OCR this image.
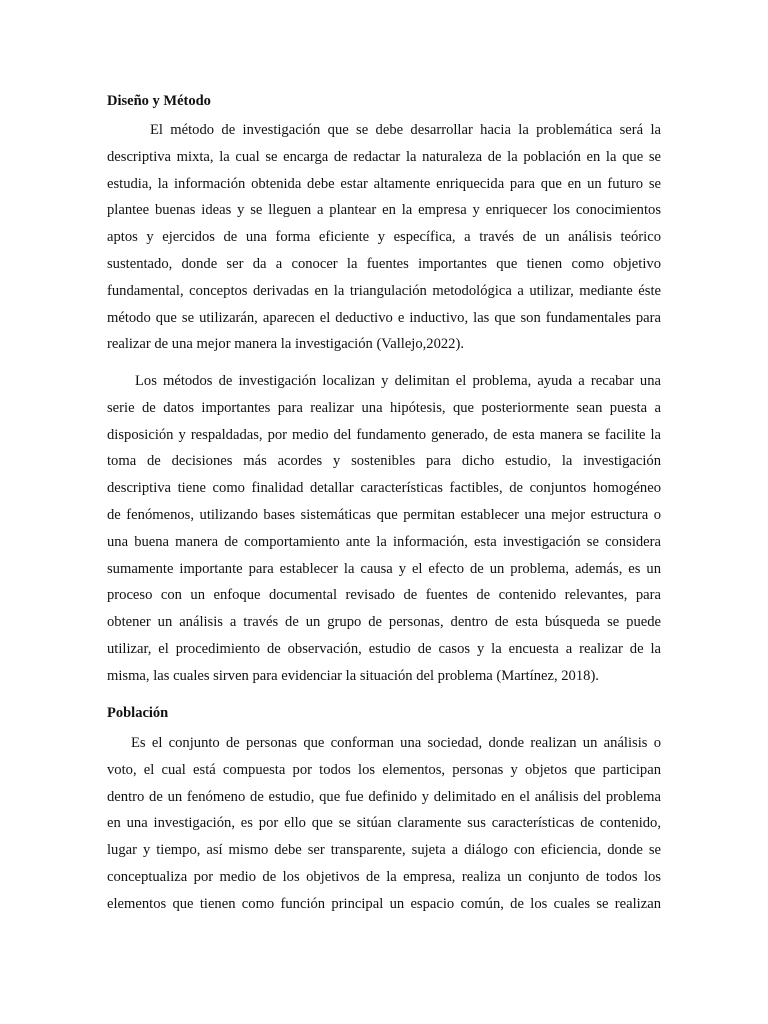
Diseño y Método
El método de investigación que se debe desarrollar hacia la problemática será la
descriptiva mixta, la cual se encarga de redactar la naturaleza de la población en la que se
estudia, la información obtenida debe estar altamente enriquecida para que en un futuro se
plantee buenas ideas y se lleguen a plantear en la empresa y enriquecer los conocimientos
aptos y ejercidos de una forma eficiente y específica, a través de un análisis teórico
sustentado, donde ser da a conocer la fuentes importantes que tienen como objetivo
fundamental, conceptos derivadas en la triangulación metodológica a utilizar, mediante éste
método que se utilizarán, aparecen el deductivo e inductivo, las que son fundamentales para
realizar de una mejor manera la investigación (Vallejo,2022).
Los métodos de investigación localizan y delimitan el problema, ayuda a recabar una
serie de datos importantes para realizar una hipótesis, que posteriormente sean puesta a
disposición y respaldadas, por medio del fundamento generado, de esta manera se facilite la
toma de decisiones más acordes y sostenibles para dicho estudio, la investigación
descriptiva tiene como finalidad detallar características factibles, de conjuntos homogéneo
de fenómenos, utilizando bases sistemáticas que permitan establecer una mejor estructura o
una buena manera de comportamiento ante la información, esta investigación se considera
sumamente importante para establecer la causa y el efecto de un problema, además, es un
proceso con un enfoque documental revisado de fuentes de contenido relevantes, para
obtener un análisis a través de un grupo de personas, dentro de esta búsqueda se puede
utilizar, el procedimiento de observación, estudio de casos y la encuesta a realizar de la
misma, las cuales sirven para evidenciar la situación del problema (Martínez, 2018).
Población
Es el conjunto de personas que conforman una sociedad, donde realizan un análisis o
voto, el cual está compuesta por todos los elementos, personas y objetos que participan
dentro de un fenómeno de estudio, que fue definido y delimitado en el análisis del problema
en una investigación, es por ello que se sitúan claramente sus características de contenido,
lugar y tiempo, así mismo debe ser transparente, sujeta a diálogo con eficiencia, donde se
conceptualiza por medio de los objetivos de la empresa, realiza un conjunto de todos los
elementos que tienen como función principal un espacio común, de los cuales se realizan
